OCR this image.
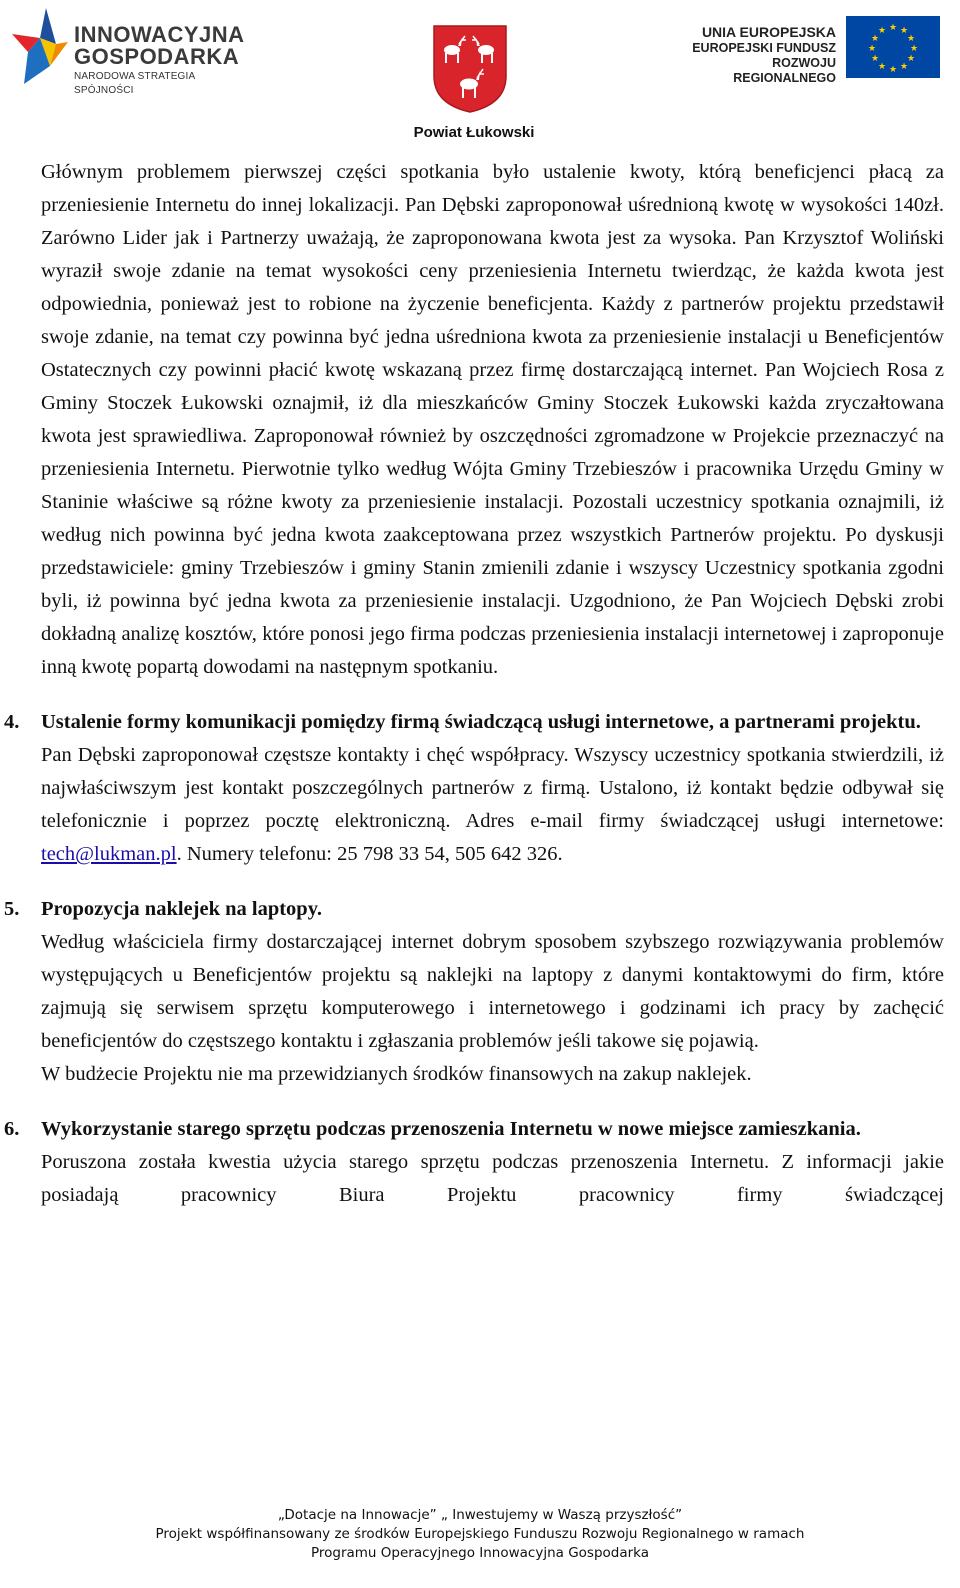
INNOWACYJNA
GOSPODARKA
NARODOWA STRATEGIA SPÓJNOŚCI
Powiat Łukowski
UNIA EUROPEJSKA
EUROPEJSKI FUNDUSZ
ROZWOJU REGIONALNEGO
★ ★
★
★
★
★
★
★
★
★
★
★

Głównym problemem pierwszej części spotkania było ustalenie kwoty, którą beneficjenci płacą za przeniesienie Internetu do innej lokalizacji. Pan Dębski zaproponował uśrednioną kwotę w wysokości 140zł. Zarówno Lider jak i Partnerzy uważają, że zaproponowana kwota jest za wysoka. Pan Krzysztof Woliński wyraził swoje zdanie na temat wysokości ceny przeniesienia Internetu twierdząc, że każda kwota jest odpowiednia, ponieważ jest to robione na życzenie beneficjenta. Każdy z partnerów projektu przedstawił swoje zdanie, na temat czy powinna być jedna uśredniona kwota za przeniesienie instalacji u Beneficjentów Ostatecznych czy powinni płacić kwotę wskazaną przez firmę dostarczającą internet. Pan Wojciech Rosa z Gminy Stoczek Łukowski oznajmił, iż dla mieszkańców Gminy Stoczek Łukowski każda zryczałtowana kwota jest sprawiedliwa. Zaproponował również by oszczędności zgromadzone w Projekcie przeznaczyć na przeniesienia Internetu. Pierwotnie tylko według Wójta Gminy Trzebieszów i pracownika Urzędu Gminy w Staninie właściwe są różne kwoty za przeniesienie instalacji. Pozostali uczestnicy spotkania oznajmili, iż według nich powinna być jedna kwota zaakceptowana przez wszystkich Partnerów projektu. Po dyskusji przedstawiciele: gminy Trzebieszów i gminy Stanin zmienili zdanie i wszyscy Uczestnicy spotkania zgodni byli, iż powinna być jedna kwota za przeniesienie instalacji. Uzgodniono, że Pan Wojciech Dębski zrobi dokładną analizę kosztów, które ponosi jego firma podczas przeniesienia instalacji internetowej i zaproponuje inną kwotę popartą dowodami na następnym spotkaniu.

4. Ustalenie formy komunikacji pomiędzy firmą świadczącą usługi internetowe, a partnerami projektu.

Pan Dębski zaproponował częstsze kontakty i chęć współpracy. Wszyscy uczestnicy spotkania stwierdzili, iż najwłaściwszym jest kontakt poszczególnych partnerów z firmą. Ustalono, iż kontakt będzie odbywał się telefonicznie i poprzez pocztę elektroniczną. Adres e-mail firmy świadczącej usługi internetowe: tech@lukman.pl. Numery telefonu: 25 798 33 54, 505 642 326.

5. Propozycja naklejek na laptopy.

Według właściciela firmy dostarczającej internet dobrym sposobem szybszego rozwiązywania problemów występujących u Beneficjentów projektu są naklejki na laptopy z danymi kontaktowymi do firm, które zajmują się serwisem sprzętu komputerowego i internetowego i godzinami ich pracy by zachęcić beneficjentów do częstszego kontaktu i zgłaszania problemów jeśli takowe się pojawią.

W budżecie Projektu nie ma przewidzianych środków finansowych na zakup naklejek.

6. Wykorzystanie starego sprzętu podczas przenoszenia Internetu w nowe miejsce zamieszkania.

Poruszona została kwestia użycia starego sprzętu podczas przenoszenia Internetu. Z informacji jakie posiadają pracownicy Biura Projektu pracownicy firmy świadczącej

„Dotacje na Innowacje” „ Inwestujemy w Waszą przyszłość”
Projekt współfinansowany ze środków Europejskiego Funduszu Rozwoju Regionalnego w ramach
Programu Operacyjnego Innowacyjna Gospodarka
